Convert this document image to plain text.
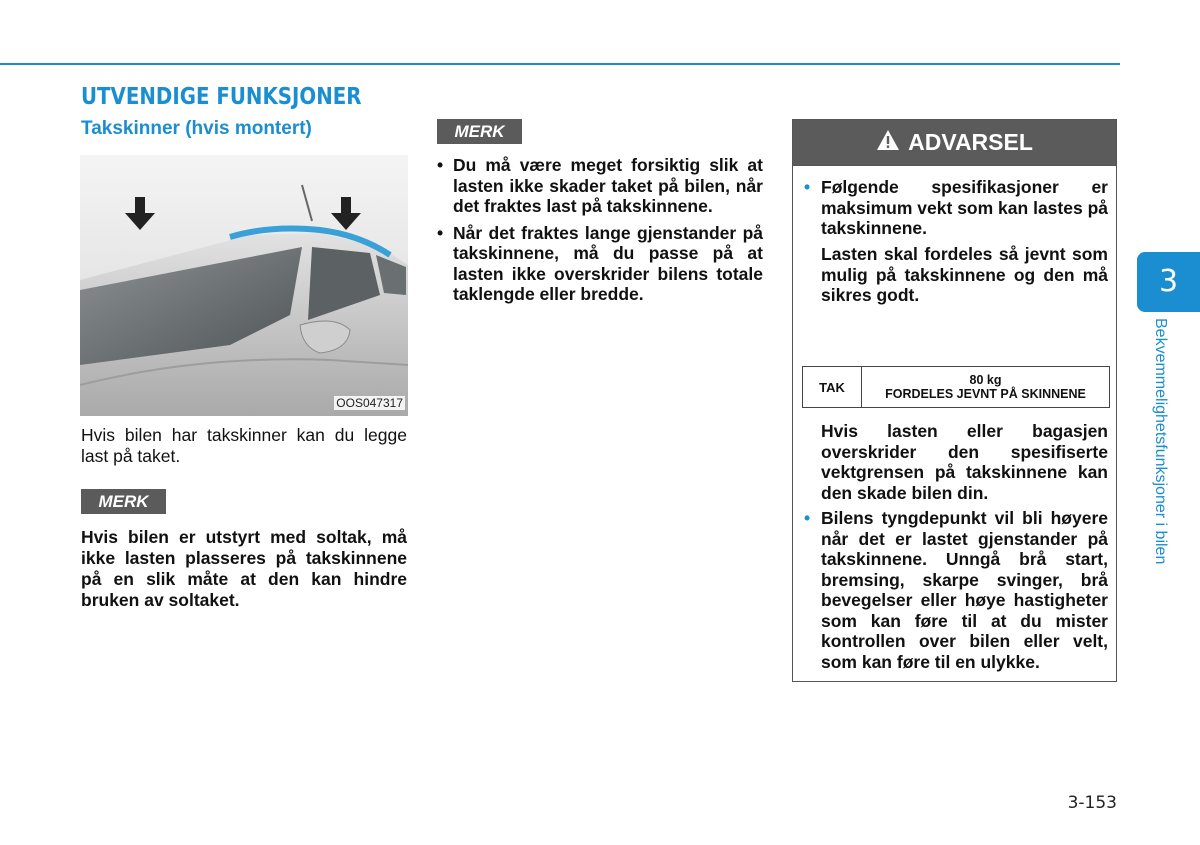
UTVENDIGE FUNKSJONER
Takskinner (hvis montert)
OOS047317

Hvis bilen har takskinner kan du legge last på taket.

MERK

Hvis bilen er utstyrt med soltak, må ikke lasten plasseres på takskinnene på en slik måte at den kan hindre bruken av soltaket.

MERK
• Du må være meget forsiktig slik at lasten ikke skader taket på bilen, når det fraktes last på takskinnene.
• Når det fraktes lange gjenstander på takskinnene, må du passe på at lasten ikke overskrider bilens totale taklengde eller bredde.
ADVARSEL
• Følgende spesifikasjoner er maksimum vekt som kan lastes på takskinnene.

Lasten skal fordeles så jevnt som mulig på takskinnene og den må sikres godt.

TAK	80 kg
FORDELES JEVNT PÅ SKINNENE

Hvis lasten eller bagasjen overskrider den spesifiserte vektgrensen på takskinnene kan den skade bilen din.

• Bilens tyngdepunkt vil bli høyere når det er lastet gjenstander på takskinnene. Unngå brå start, bremsing, skarpe svinger, brå bevegelser eller høye hastigheter som kan føre til at du mister kontrollen over bilen eller velt, som kan føre til en ulykke.
3
Bekvemmelighetsfunksjoner i bilen
3-153
